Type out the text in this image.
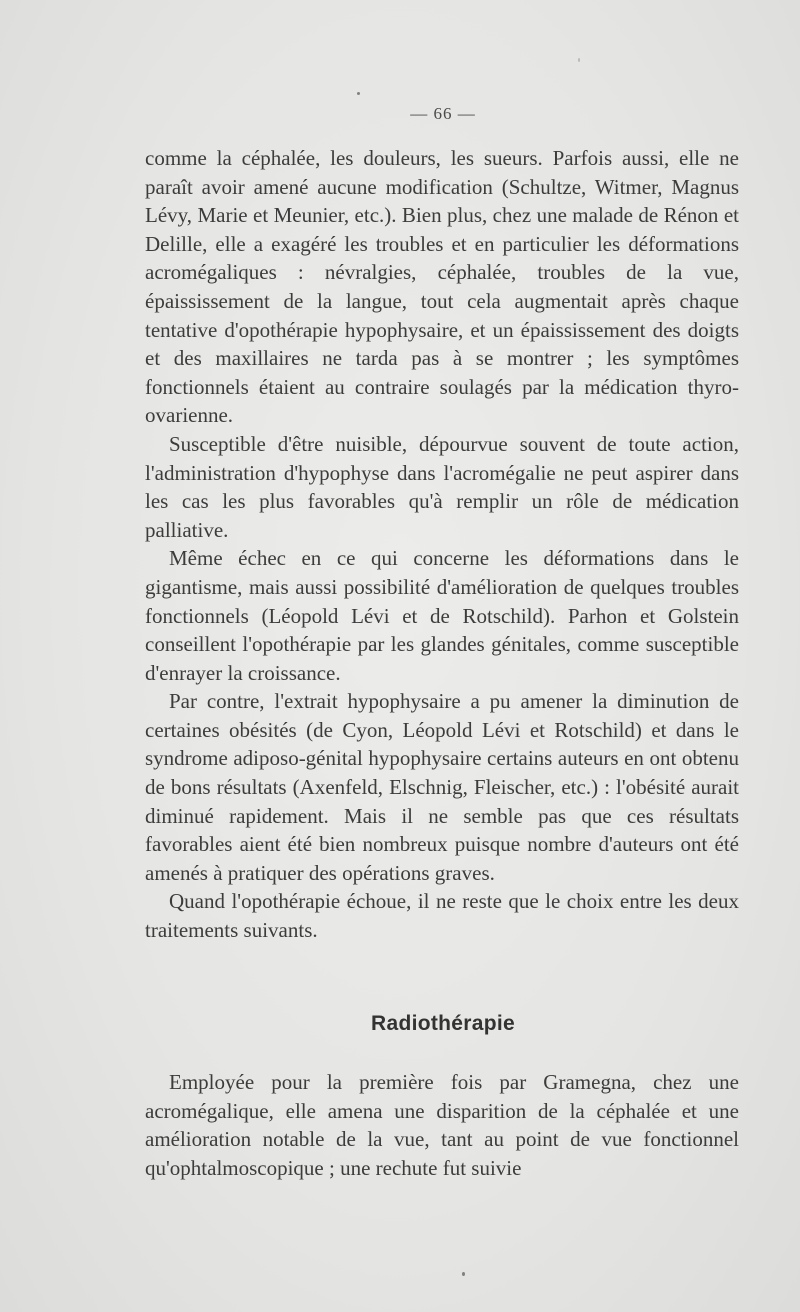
— 66 —

comme la céphalée, les douleurs, les sueurs. Parfois aussi, elle ne paraît avoir amené aucune modification (Schultze, Witmer, Magnus Lévy, Marie et Meunier, etc.). Bien plus, chez une malade de Rénon et Delille, elle a exagéré les troubles et en particulier les déformations acromégaliques : névralgies, céphalée, troubles de la vue, épaississement de la langue, tout cela augmentait après chaque tentative d'opothérapie hypophysaire, et un épaississement des doigts et des maxillaires ne tarda pas à se montrer ; les symptômes fonctionnels étaient au contraire soulagés par la médication thyro-ovarienne.

Susceptible d'être nuisible, dépourvue souvent de toute action, l'administration d'hypophyse dans l'acromégalie ne peut aspirer dans les cas les plus favorables qu'à remplir un rôle de médication palliative.

Même échec en ce qui concerne les déformations dans le gigantisme, mais aussi possibilité d'amélioration de quelques troubles fonctionnels (Léopold Lévi et de Rotschild). Parhon et Golstein conseillent l'opothérapie par les glandes génitales, comme susceptible d'enrayer la croissance.

Par contre, l'extrait hypophysaire a pu amener la diminution de certaines obésités (de Cyon, Léopold Lévi et Rotschild) et dans le syndrome adiposo-génital hypophysaire certains auteurs en ont obtenu de bons résultats (Axenfeld, Elschnig, Fleischer, etc.) : l'obésité aurait diminué rapidement. Mais il ne semble pas que ces résultats favorables aient été bien nombreux puisque nombre d'auteurs ont été amenés à pratiquer des opérations graves.

Quand l'opothérapie échoue, il ne reste que le choix entre les deux traitements suivants.

Radiothérapie

Employée pour la première fois par Gramegna, chez une acromégalique, elle amena une disparition de la céphalée et une amélioration notable de la vue, tant au point de vue fonctionnel qu'ophtalmoscopique ; une rechute fut suivie
